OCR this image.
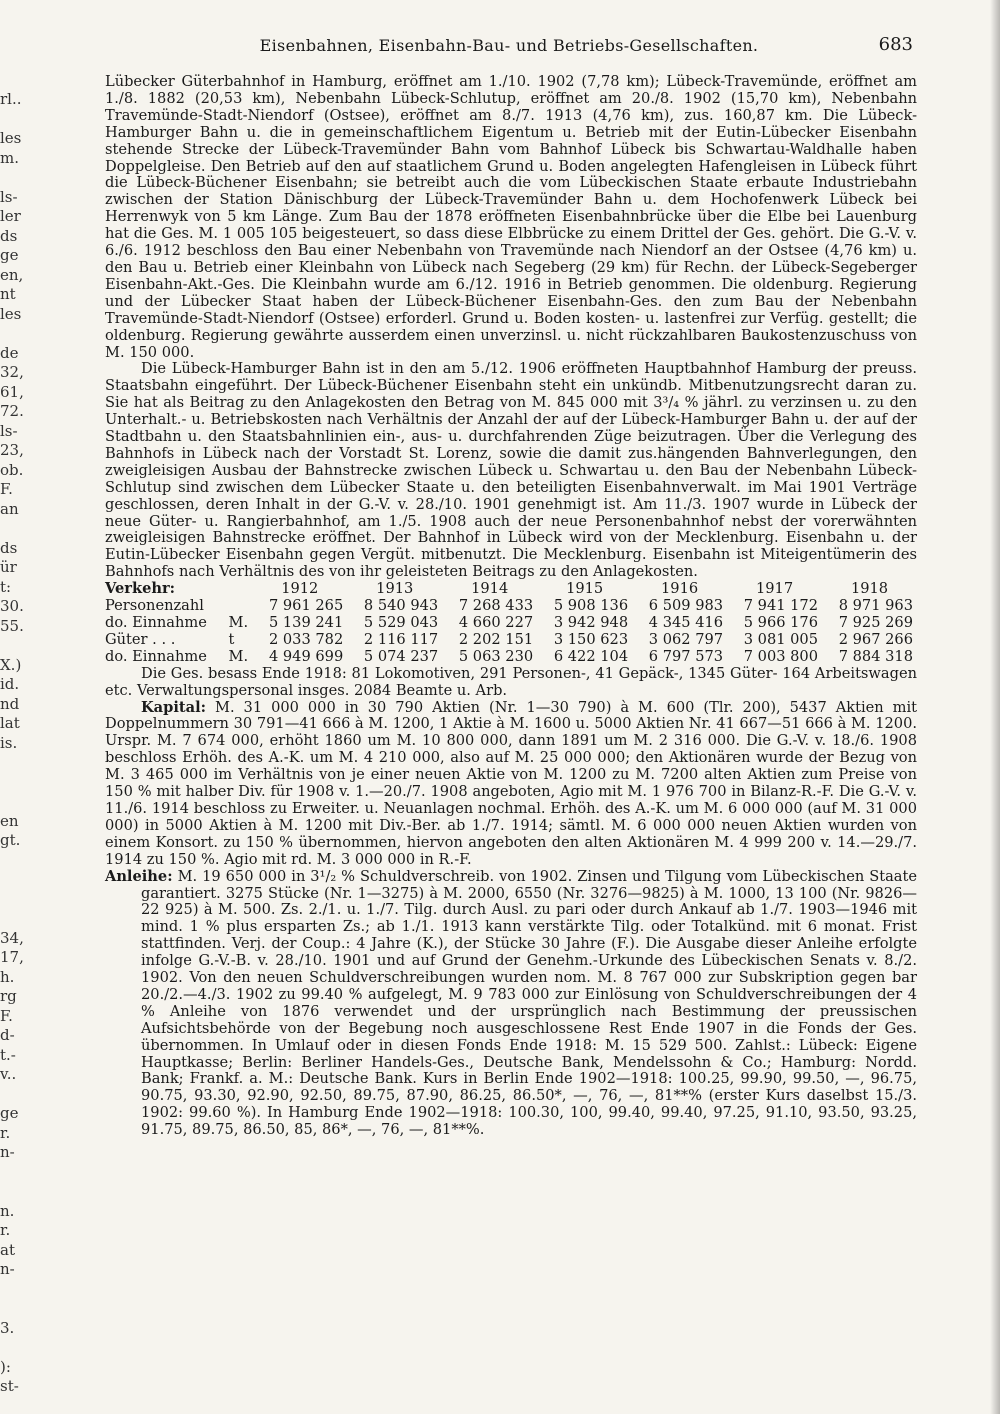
rl..

les
m.

ls-
ler
ds
ge
en,
nt
les

de
32,
61,
72.
ls-
23,
ob.
F.
an

ds
ür
t:
30.
55.

X.)
id.
nd
lat
is.

en
gt.

34,
17,
h.
rg
F.
d-
t.-
v..

ge
r.
n-

n.
r.
at
n-

3.

):
st-
Eisenbahnen, Eisenbahn-Bau- und Betriebs-Gesellschaften.	683

Lübecker Güterbahnhof in Hamburg, eröffnet am 1./10. 1902 (7,78 km); Lübeck-Travemünde, eröffnet am 1./8. 1882 (20,53 km), Nebenbahn Lübeck-Schlutup, eröffnet am 20./8. 1902 (15,70 km), Nebenbahn Travemünde-Stadt-Niendorf (Ostsee), eröffnet am 8./7. 1913 (4,76 km), zus. 160,87 km. Die Lübeck-Hamburger Bahn u. die in gemeinschaftlichem Eigentum u. Betrieb mit der Eutin-Lübecker Eisenbahn stehende Strecke der Lübeck-Travemünder Bahn vom Bahnhof Lübeck bis Schwartau-Waldhalle haben Doppelgleise. Den Betrieb auf den auf staatlichem Grund u. Boden angelegten Hafengleisen in Lübeck führt die Lübeck-Büchener Eisenbahn; sie betreibt auch die vom Lübeckischen Staate erbaute Industriebahn zwischen der Station Dänischburg der Lübeck-Travemünder Bahn u. dem Hochofenwerk Lübeck bei Herrenwyk von 5 km Länge. Zum Bau der 1878 eröffneten Eisenbahnbrücke über die Elbe bei Lauenburg hat die Ges. M. 1 005 105 beigesteuert, so dass diese Elbbrücke zu einem Drittel der Ges. gehört. Die G.-V. v. 6./6. 1912 beschloss den Bau einer Nebenbahn von Travemünde nach Niendorf an der Ostsee (4,76 km) u. den Bau u. Betrieb einer Kleinbahn von Lübeck nach Segeberg (29 km) für Rechn. der Lübeck-Segeberger Eisenbahn-Akt.-Ges. Die Kleinbahn wurde am 6./12. 1916 in Betrieb genommen. Die oldenburg. Regierung und der Lübecker Staat haben der Lübeck-Büchener Eisenbahn-Ges. den zum Bau der Nebenbahn Travemünde-Stadt-Niendorf (Ostsee) erforderl. Grund u. Boden kosten- u. lastenfrei zur Verfüg. gestellt; die oldenburg. Regierung gewährte ausserdem einen unverzinsl. u. nicht rückzahlbaren Baukostenzuschuss von M. 150 000.

Die Lübeck-Hamburger Bahn ist in den am 5./12. 1906 eröffneten Hauptbahnhof Hamburg der preuss. Staatsbahn eingeführt. Der Lübeck-Büchener Eisenbahn steht ein unkündb. Mitbenutzungsrecht daran zu. Sie hat als Beitrag zu den Anlagekosten den Betrag von M. 845 000 mit 3³/₄ % jährl. zu verzinsen u. zu den Unterhalt.- u. Betriebskosten nach Verhältnis der Anzahl der auf der Lübeck-Hamburger Bahn u. der auf der Stadtbahn u. den Staatsbahnlinien ein-, aus- u. durchfahrenden Züge beizutragen. Über die Verlegung des Bahnhofs in Lübeck nach der Vorstadt St. Lorenz, sowie die damit zus.hängenden Bahnverlegungen, den zweigleisigen Ausbau der Bahnstrecke zwischen Lübeck u. Schwartau u. den Bau der Nebenbahn Lübeck-Schlutup sind zwischen dem Lübecker Staate u. den beteiligten Eisenbahnverwalt. im Mai 1901 Verträge geschlossen, deren Inhalt in der G.-V. v. 28./10. 1901 genehmigt ist. Am 11./3. 1907 wurde in Lübeck der neue Güter- u. Rangierbahnhof, am 1./5. 1908 auch der neue Personenbahnhof nebst der vorerwähnten zweigleisigen Bahnstrecke eröffnet. Der Bahnhof in Lübeck wird von der Mecklenburg. Eisenbahn u. der Eutin-Lübecker Eisenbahn gegen Vergüt. mitbenutzt. Die Mecklenburg. Eisenbahn ist Miteigentümerin des Bahnhofs nach Verhältnis des von ihr geleisteten Beitrags zu den Anlagekosten.

Verkehr:		1912	1913	1914	1915	1916	1917	1918
Personenzahl		7 961 265	8 540 943	7 268 433	5 908 136	6 509 983	7 941 172	8 971 963
do. Einnahme	M.	5 139 241	5 529 043	4 660 227	3 942 948	4 345 416	5 966 176	7 925 269
Güter . . .	t	2 033 782	2 116 117	2 202 151	3 150 623	3 062 797	3 081 005	2 967 266
do. Einnahme	M.	4 949 699	5 074 237	5 063 230	6 422 104	6 797 573	7 003 800	7 884 318

Die Ges. besass Ende 1918: 81 Lokomotiven, 291 Personen-, 41 Gepäck-, 1345 Güter- 164 Arbeitswagen etc. Verwaltungspersonal insges. 2084 Beamte u. Arb.

Kapital: M. 31 000 000 in 30 790 Aktien (Nr. 1—30 790) à M. 600 (Tlr. 200), 5437 Aktien mit Doppelnummern 30 791—41 666 à M. 1200, 1 Aktie à M. 1600 u. 5000 Aktien Nr. 41 667—51 666 à M. 1200. Urspr. M. 7 674 000, erhöht 1860 um M. 10 800 000, dann 1891 um M. 2 316 000. Die G.-V. v. 18./6. 1908 beschloss Erhöh. des A.-K. um M. 4 210 000, also auf M. 25 000 000; den Aktionären wurde der Bezug von M. 3 465 000 im Verhältnis von je einer neuen Aktie von M. 1200 zu M. 7200 alten Aktien zum Preise von 150 % mit halber Div. für 1908 v. 1.—20./7. 1908 angeboten, Agio mit M. 1 976 700 in Bilanz-R.-F. Die G.-V. v. 11./6. 1914 beschloss zu Erweiter. u. Neuanlagen nochmal. Erhöh. des A.-K. um M. 6 000 000 (auf M. 31 000 000) in 5000 Aktien à M. 1200 mit Div.-Ber. ab 1./7. 1914; sämtl. M. 6 000 000 neuen Aktien wurden von einem Konsort. zu 150 % übernommen, hiervon angeboten den alten Aktionären M. 4 999 200 v. 14.—29./7. 1914 zu 150 %. Agio mit rd. M. 3 000 000 in R.-F.

Anleihe: M. 19 650 000 in 3¹/₂ % Schuldverschreib. von 1902. Zinsen und Tilgung vom Lübeckischen Staate garantiert. 3275 Stücke (Nr. 1—3275) à M. 2000, 6550 (Nr. 3276—9825) à M. 1000, 13 100 (Nr. 9826—22 925) à M. 500. Zs. 2./1. u. 1./7. Tilg. durch Ausl. zu pari oder durch Ankauf ab 1./7. 1903—1946 mit mind. 1 % plus ersparten Zs.; ab 1./1. 1913 kann verstärkte Tilg. oder Totalkünd. mit 6 monat. Frist stattfinden. Verj. der Coup.: 4 Jahre (K.), der Stücke 30 Jahre (F.). Die Ausgabe dieser Anleihe erfolgte infolge G.-V.-B. v. 28./10. 1901 und auf Grund der Genehm.-Urkunde des Lübeckischen Senats v. 8./2. 1902. Von den neuen Schuldverschreibungen wurden nom. M. 8 767 000 zur Subskription gegen bar 20./2.—4./3. 1902 zu 99.40 % aufgelegt, M. 9 783 000 zur Einlösung von Schuldverschreibungen der 4 % Anleihe von 1876 verwendet und der ursprünglich nach Bestimmung der preussischen Aufsichtsbehörde von der Begebung noch ausgeschlossene Rest Ende 1907 in die Fonds der Ges. übernommen. In Umlauf oder in diesen Fonds Ende 1918: M. 15 529 500. Zahlst.: Lübeck: Eigene Hauptkasse; Berlin: Berliner Handels-Ges., Deutsche Bank, Mendelssohn & Co.; Hamburg: Nordd. Bank; Frankf. a. M.: Deutsche Bank. Kurs in Berlin Ende 1902—1918: 100.25, 99.90, 99.50, —, 96.75, 90.75, 93.30, 92.90, 92.50, 89.75, 87.90, 86.25, 86.50*, —, 76, —, 81**% (erster Kurs daselbst 15./3. 1902: 99.60 %). In Hamburg Ende 1902—1918: 100.30, 100, 99.40, 99.40, 97.25, 91.10, 93.50, 93.25, 91.75, 89.75, 86.50, 85, 86*, —, 76, —, 81**%.
